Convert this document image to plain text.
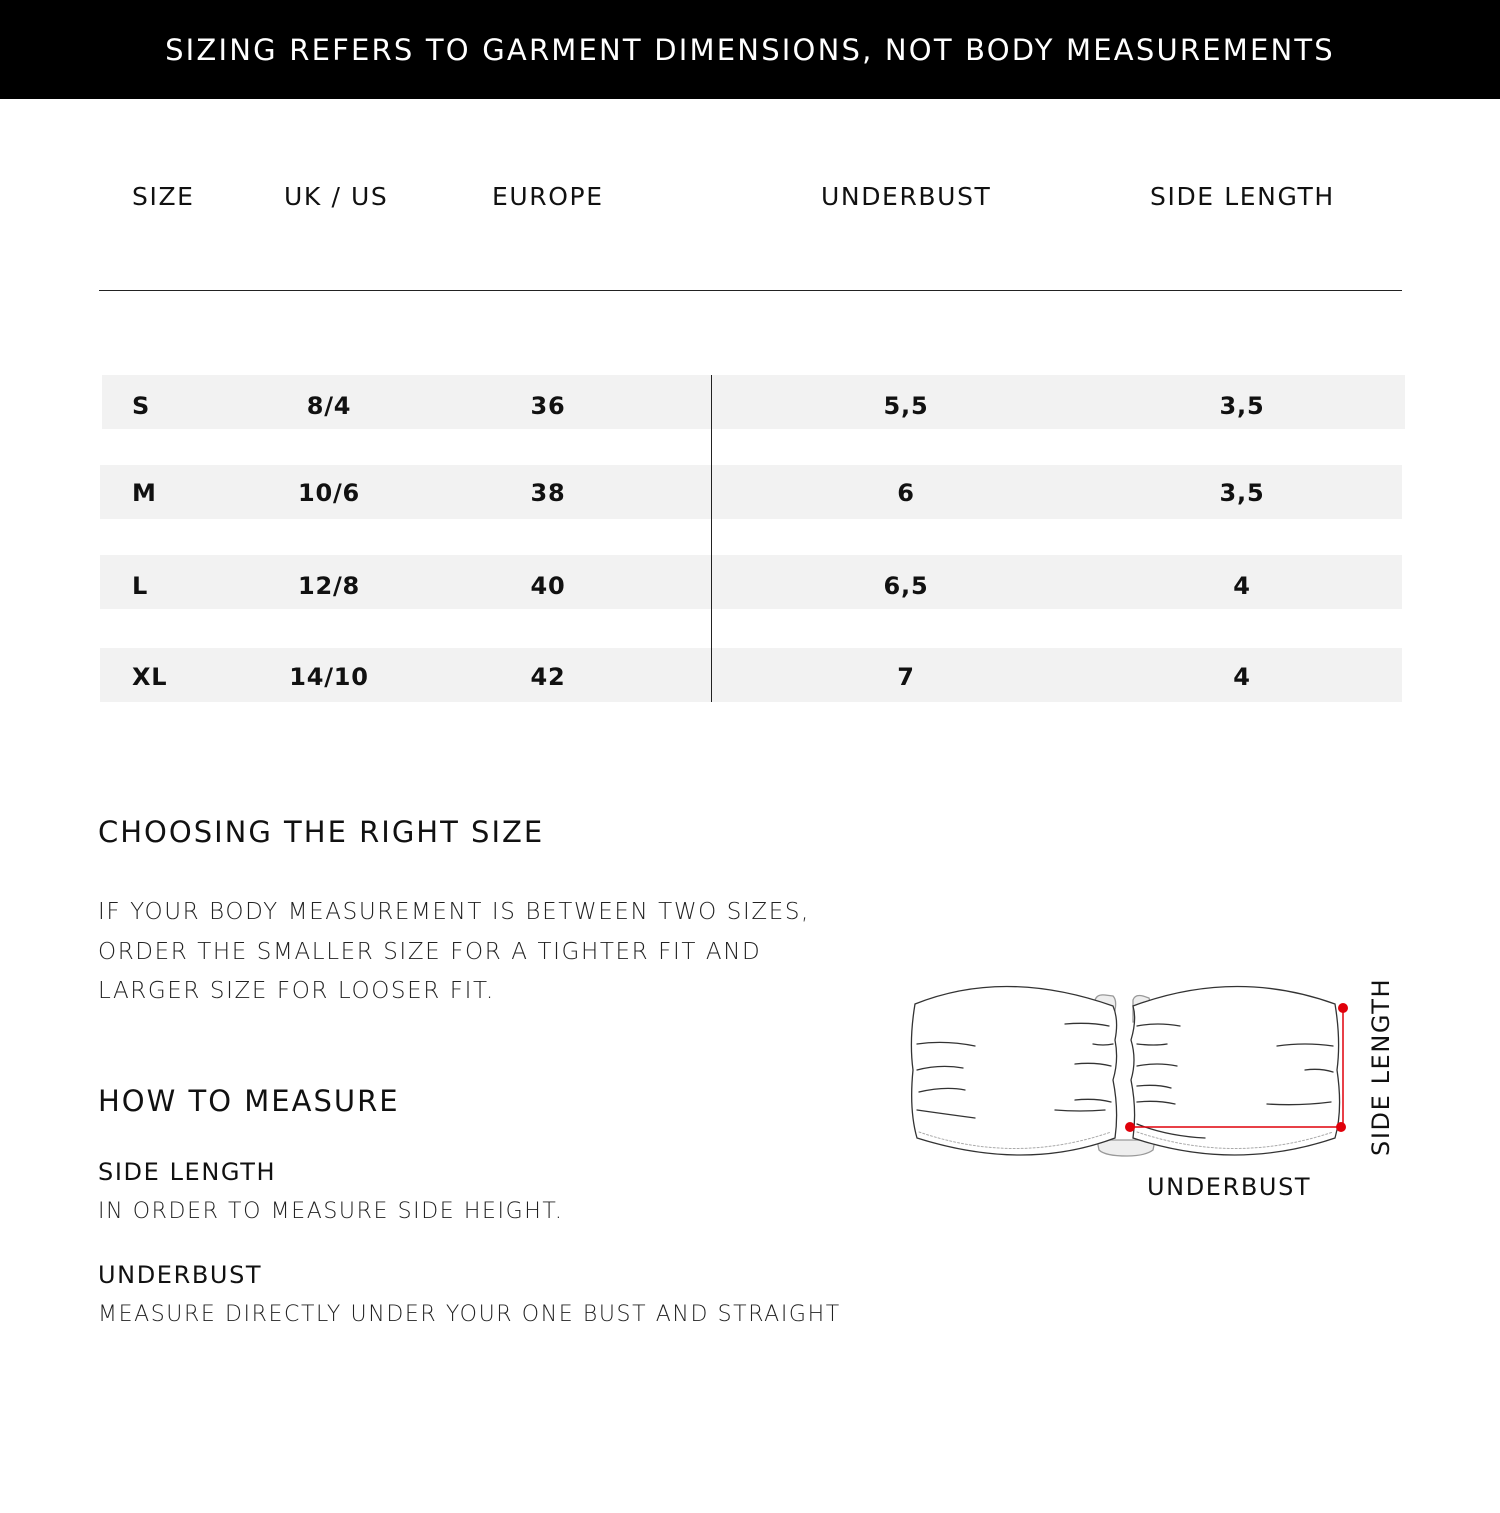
SIZING REFERS TO GARMENT DIMENSIONS, NOT BODY MEASUREMENTS
SIZE	UK / US	EUROPE	UNDERBUST	SIDE LENGTH
S	8/4	36	5,5	3,5
M	10/6	38	6	3,5
L	12/8	40	6,5	4
XL	14/10	42	7	4
CHOOSING THE RIGHT SIZE
IF YOUR BODY MEASUREMENT IS BETWEEN TWO SIZES,
ORDER THE SMALLER SIZE FOR A TIGHTER FIT AND
LARGER SIZE FOR LOOSER FIT.
HOW TO MEASURE
SIDE LENGTH
IN ORDER TO MEASURE SIDE HEIGHT.
UNDERBUST
MEASURE DIRECTLY UNDER YOUR ONE BUST AND STRAIGHT
UNDERBUST
SIDE LENGTH
